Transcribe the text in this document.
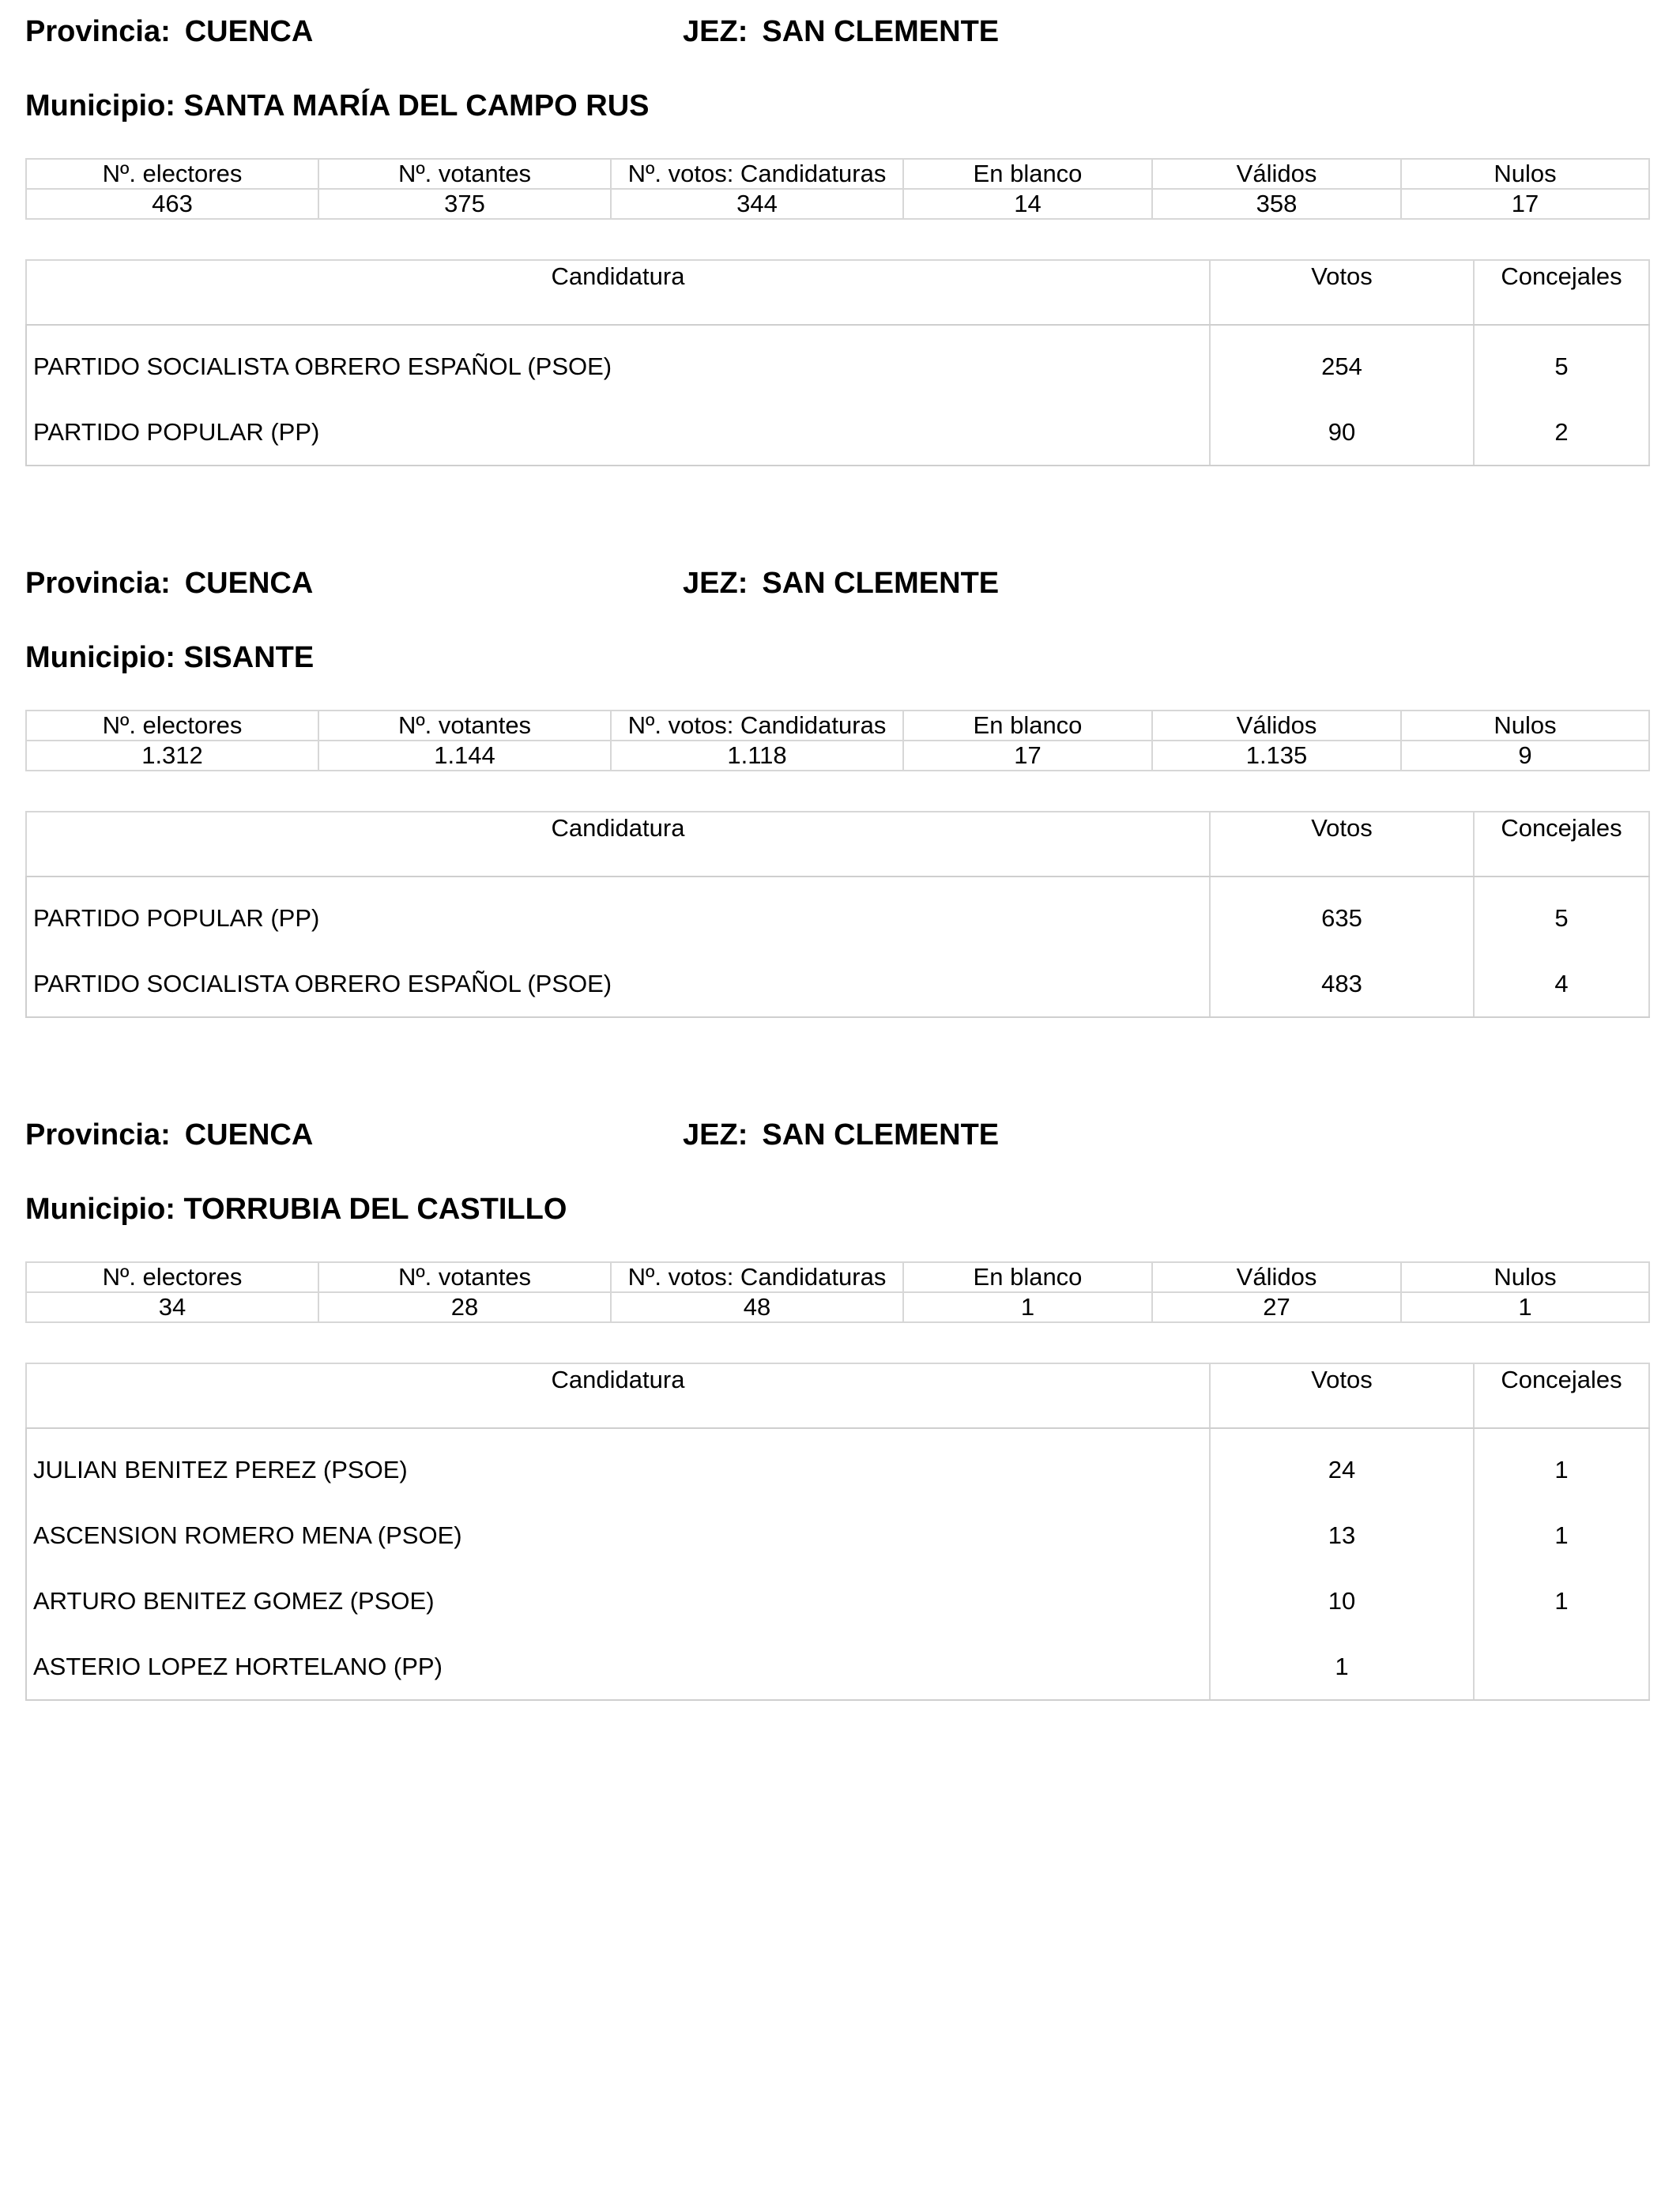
Provincia: CUENCA	JEZ: SAN CLEMENTE
Municipio: SANTA MARÍA DEL CAMPO RUS
Nº. electores	Nº. votantes	Nº. votos: Candidaturas	En blanco	Válidos	Nulos
463	375	344	14	358	17
Candidatura	Votos	Concejales
PARTIDO SOCIALISTA OBRERO ESPAÑOL (PSOE)	254	5
PARTIDO POPULAR (PP)	90	2
Provincia: CUENCA	JEZ: SAN CLEMENTE
Municipio: SISANTE
Nº. electores	Nº. votantes	Nº. votos: Candidaturas	En blanco	Válidos	Nulos
1.312	1.144	1.118	17	1.135	9
Candidatura	Votos	Concejales
PARTIDO POPULAR (PP)	635	5
PARTIDO SOCIALISTA OBRERO ESPAÑOL (PSOE)	483	4
Provincia: CUENCA	JEZ: SAN CLEMENTE
Municipio: TORRUBIA DEL CASTILLO
Nº. electores	Nº. votantes	Nº. votos: Candidaturas	En blanco	Válidos	Nulos
34	28	48	1	27	1
Candidatura	Votos	Concejales
JULIAN BENITEZ PEREZ (PSOE)	24	1
ASCENSION ROMERO MENA (PSOE)	13	1
ARTURO BENITEZ GOMEZ (PSOE)	10	1
ASTERIO LOPEZ HORTELANO (PP)	1	
